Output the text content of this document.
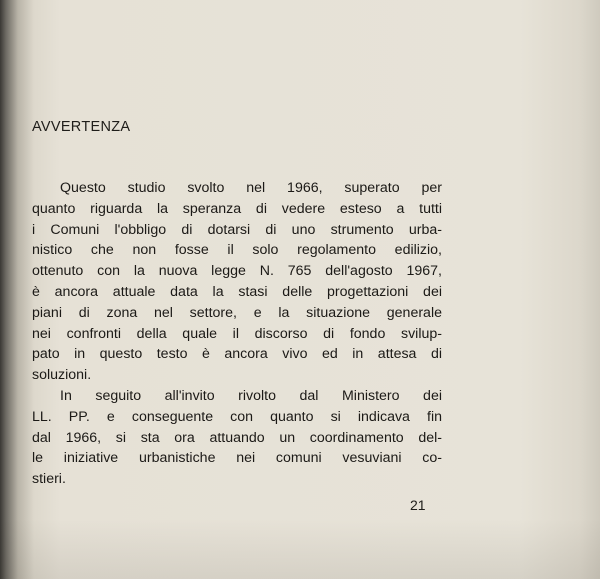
AVVERTENZA
Questo studio svolto nel 1966, superato per
quanto riguarda la speranza di vedere esteso a tutti
i Comuni l'obbligo di dotarsi di uno strumento urba-
nistico che non fosse il solo regolamento edilizio,
ottenuto con la nuova legge N. 765 dell'agosto 1967,
è ancora attuale data la stasi delle progettazioni dei
piani di zona nel settore, e la situazione generale
nei confronti della quale il discorso di fondo svilup-
pato in questo testo è ancora vivo ed in attesa di
soluzioni.
In seguito all'invito rivolto dal Ministero dei
LL. PP. e conseguente con quanto si indicava fin
dal 1966, si sta ora attuando un coordinamento del-
le iniziative urbanistiche nei comuni vesuviani co-
stieri.
21
